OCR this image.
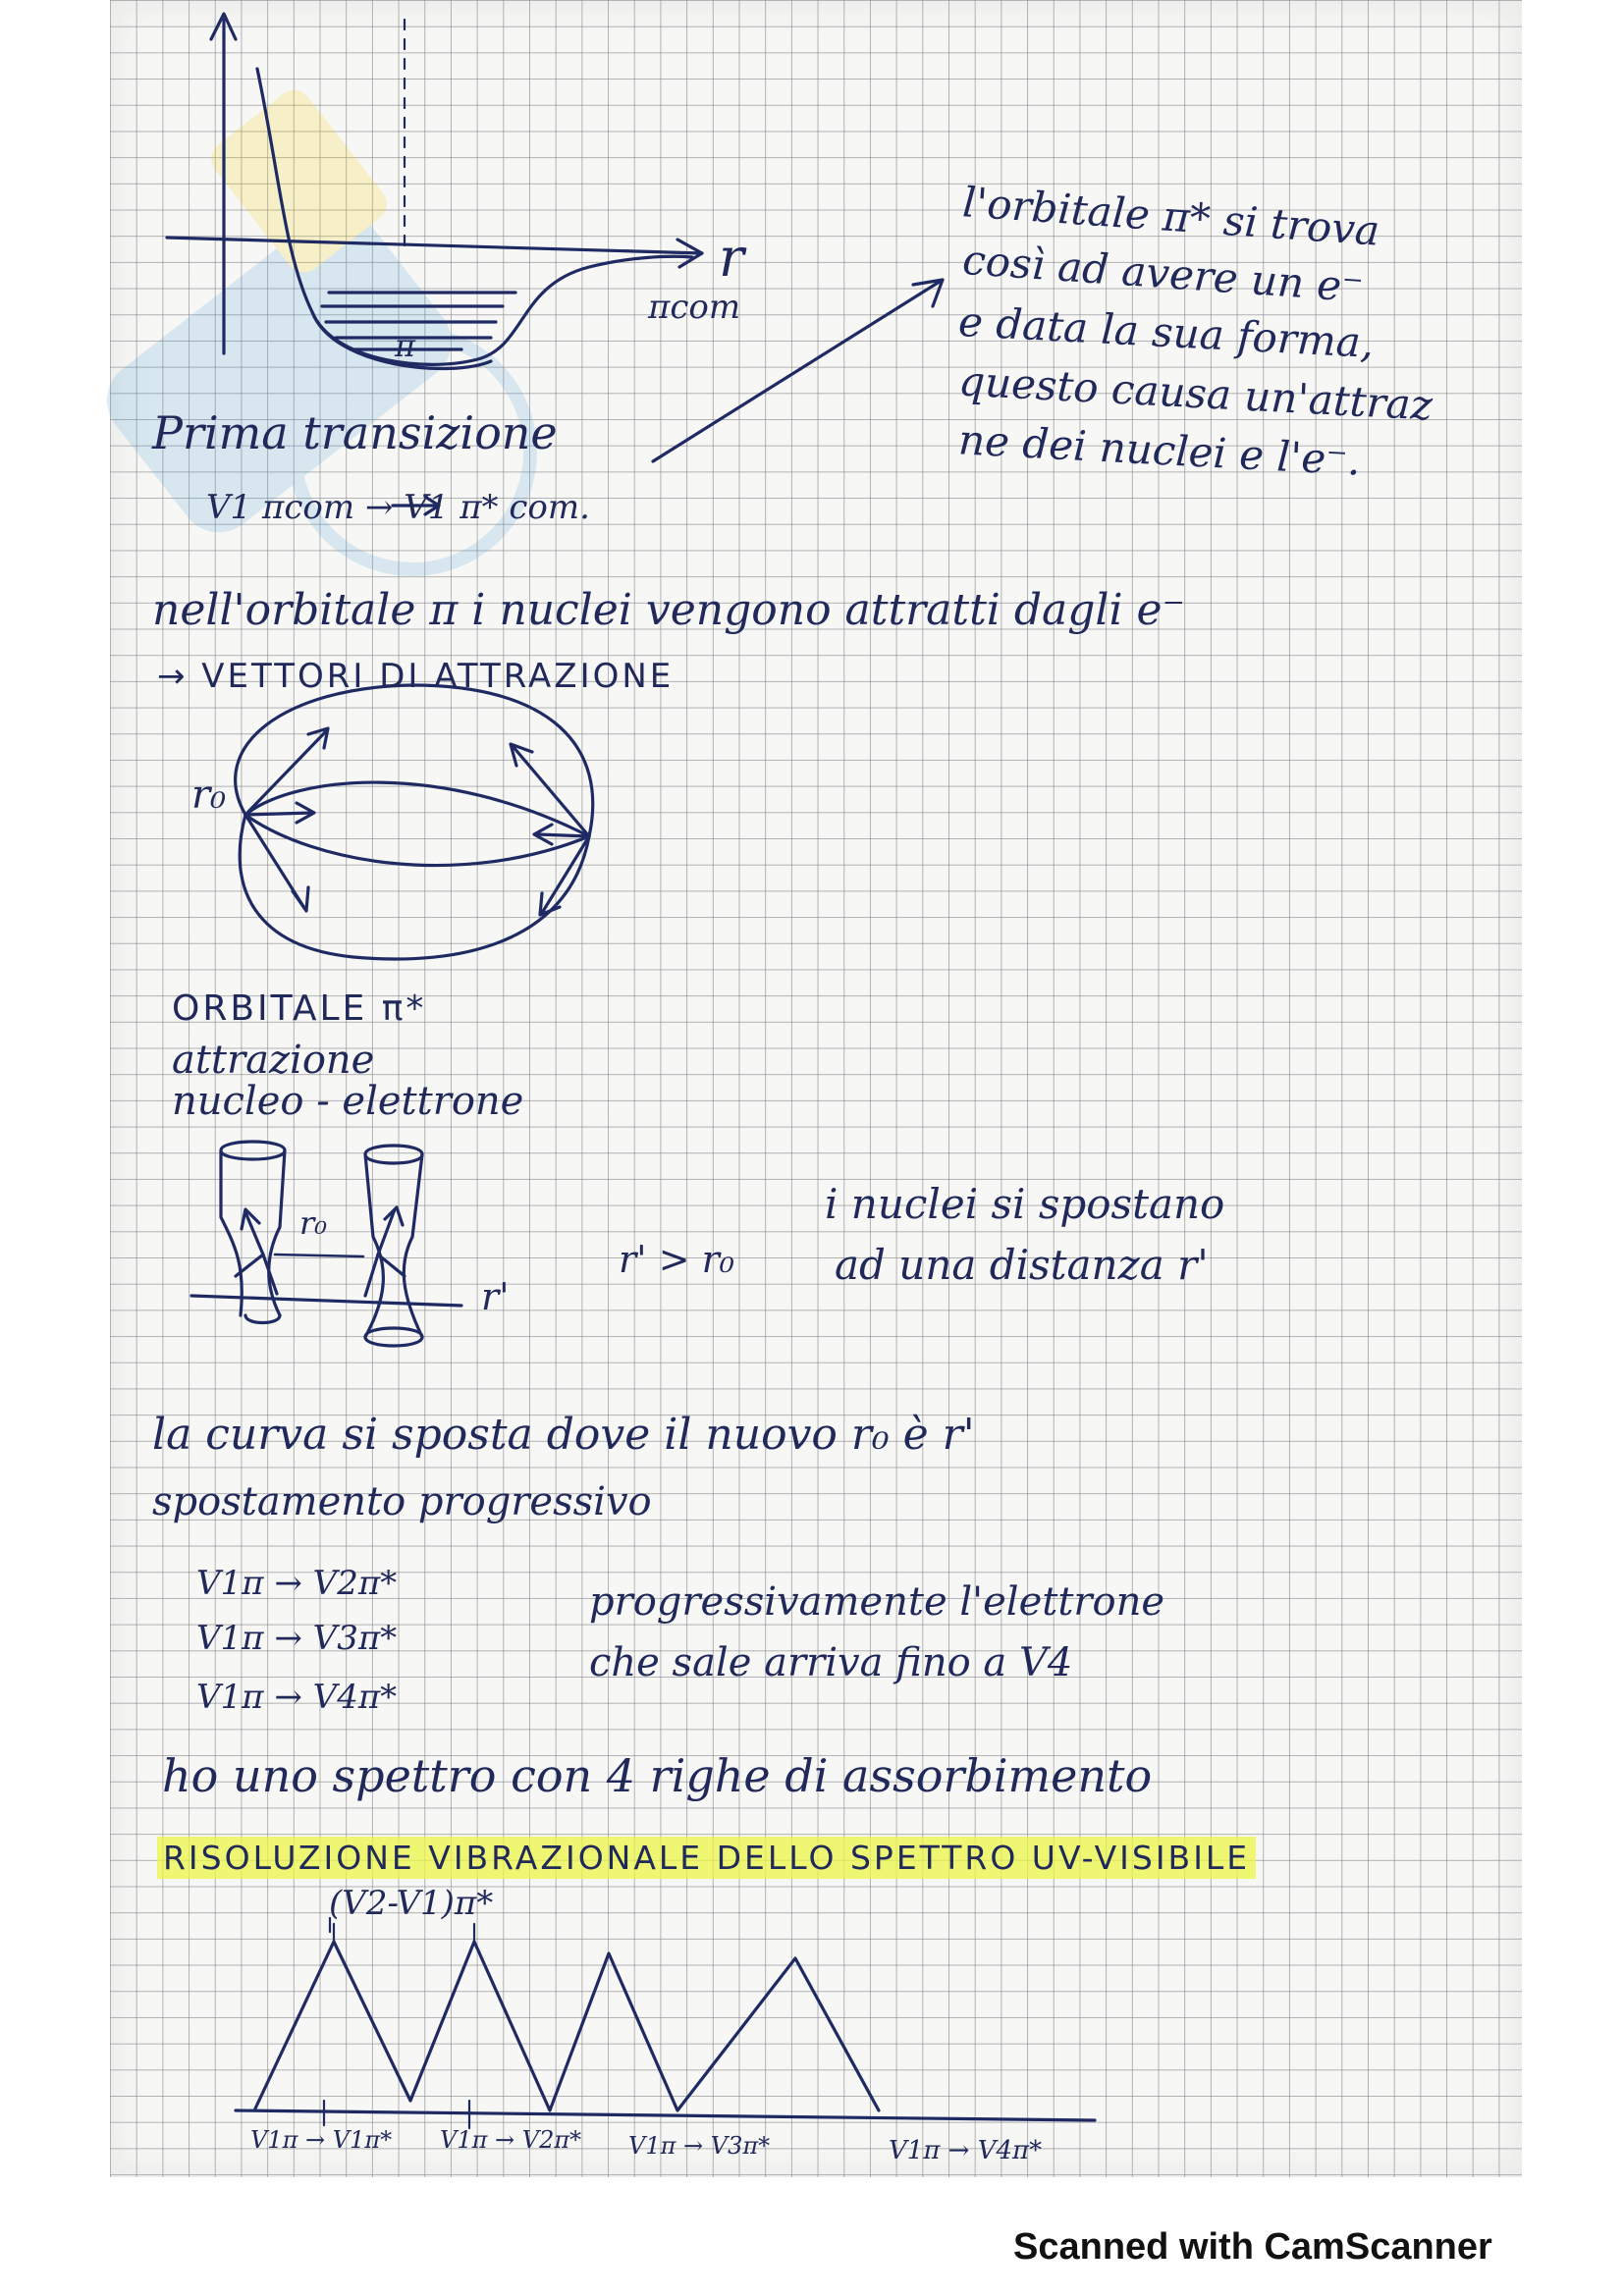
r
πcom
π
l'orbitale π* si trova
così ad avere un e⁻
e data la sua forma,
questo causa un'attraz
ne dei nuclei e l'e⁻.
Prima transizione
V1 πcom → V1 π* com.
nell'orbitale π i nuclei vengono attratti dagli e⁻
→ VETTORI DI ATTRAZIONE
r₀
ORBITALE π*
attrazione
nucleo - elettrone
r₀
r'
r' > r₀
i nuclei si spostano
ad una distanza r'
la curva si sposta dove il nuovo r₀ è r'
spostamento progressivo
V1π → V2π*
V1π → V3π*
V1π → V4π*
progressivamente l'elettrone
che sale arriva fino a V4
ho uno spettro con 4 righe di assorbimento
RISOLUZIONE VIBRAZIONALE DELLO SPETTRO UV-VISIBILE
(V2-V1)π*
V1π → V1π* V1π → V2π* V1π → V3π*	V1π → V4π*
Scanned with CamScanner
